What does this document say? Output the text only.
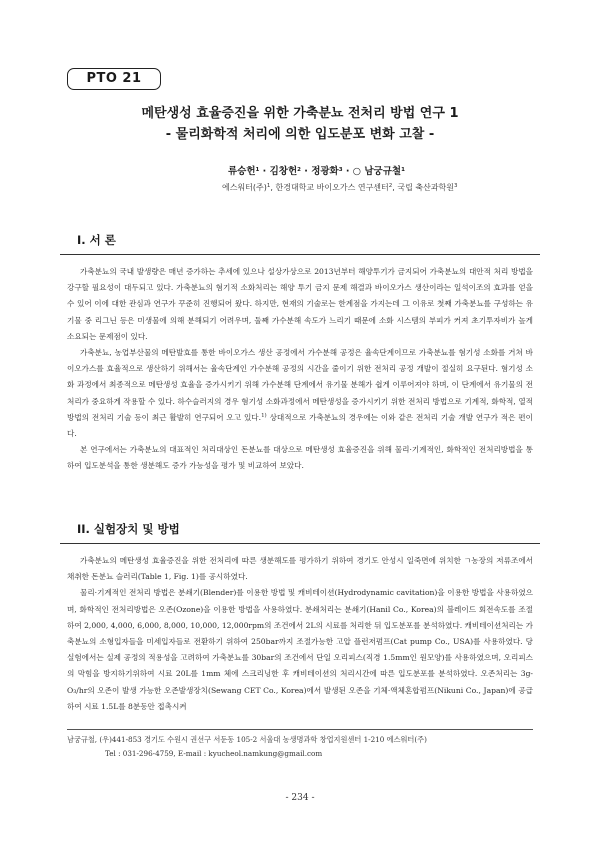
PTO 21
메탄생성 효율증진을 위한 가축분뇨 전처리 방법 연구 1
- 물리화학적 처리에 의한 입도분포 변화 고찰 -
류승헌$^1$ · 김창헌$^2$ · 정광화$^3$ · ○ 남궁규철$^1$
에스워터(주)$^1$, 한경대학교 바이오가스 연구센터$^2$, 국립 축산과학원$^3$
I. 서 론

가축분뇨의 국내 발생량은 매년 증가하는 추세에 있으나 설상가상으로 2013년부터 해양투기가 금지되어 가축분뇨의 대안적 처리 방법을 강구할 필요성이 대두되고 있다. 가축분뇨의 혐기적 소화처리는 해양 투기 금지 문제 해결과 바이오가스 생산이라는 일석이조의 효과를 얻을 수 있어 이에 대한 관심과 연구가 꾸준히 진행되어 왔다. 하지만, 현재의 기술로는 한계점을 가지는데 그 이유로 첫째 가축분뇨를 구성하는 유기물 중 리그닌 등은 미생물에 의해 분해되기 어려우며, 둘째 가수분해 속도가 느리기 때문에 소화 시스템의 부피가 커져 초기투자비가 높게 소요되는 문제점이 있다.

가축분뇨, 농업부산물의 메탄발효를 통한 바이오가스 생산 공정에서 가수분해 공정은 율속단계이므로 가축분뇨를 혐기성 소화를 거쳐 바이오가스를 효율적으로 생산하기 위해서는 율속단계인 가수분해 공정의 시간을 줄이기 위한 전처리 공정 개발이 절실히 요구된다. 혐기성 소화 과정에서 최종적으로 메탄생성 효율을 증가시키기 위해 가수분해 단계에서 유기물 분해가 쉽게 이루어져야 하며, 이 단계에서 유기물의 전처리가 중요하게 작용할 수 있다. 하수슬러지의 경우 혐기성 소화과정에서 메탄생성을 증가시키기 위한 전처리 방법으로 기계적, 화학적, 열적 방법의 전처리 기술 등이 최근 활발히 연구되어 오고 있다.$^{1)}$ 상대적으로 가축분뇨의 경우에는 이와 같은 전처리 기술 개발 연구가 적은 편이다.

본 연구에서는 가축분뇨의 대표적인 처리대상인 돈분뇨를 대상으로 메탄생성 효율증진을 위해 물리·기계적인, 화학적인 전처리방법을 통하여 입도분석을 통한 생분해도 증가 가능성을 평가 및 비교하여 보았다.

II. 실험장치 및 방법

가축분뇨의 메탄생성 효율증진을 위한 전처리에 따른 생분해도를 평가하기 위하여 경기도 안성시 일죽면에 위치한 ㄱ농장의 저류조에서 채취한 돈분뇨 슬러리(Table 1, Fig. 1)를 공시하였다.

물리·기계적인 전처리 방법은 분쇄기(Blender)를 이용한 방법 및 캐비테이션(Hydrodynamic cavitation)을 이용한 방법을 사용하였으며, 화학적인 전처리방법은 오존(Ozone)을 이용한 방법을 사용하였다. 분쇄처리는 분쇄기(Hanil Co., Korea)의 블레이드 회전속도를 조절하여 2,000, 4,000, 6,000, 8,000, 10,000, 12,000rpm의 조건에서 2L의 시료를 처리한 뒤 입도분포를 분석하였다. 캐비테이션처리는 가축분뇨의 소형입자들을 미세입자들로 전환하기 위하여 250bar까지 조절가능한 고압 플런저펌프(Cat pump Co., USA)를 사용하였다. 당 실험에서는 실제 공정의 적용성을 고려하여 가축분뇨를 30bar의 조건에서 단일 오리피스(직경 1.5mm인 원모양)를 사용하였으며, 오리피스의 막힘을 방지하기위하여 시료 20L를 1mm 체에 스크리닝한 후 캐비테이션의 처리시간에 따른 입도분포를 분석하였다. 오존처리는 3g-O₃/hr의 오존이 발생 가능한 오존발생장치(Sewang CET Co., Korea)에서 발생된 오존을 기체·액체혼합펌프(Nikuni Co., Japan)에 공급하여 시료 1.5L를 8분동안 접촉시켜

남궁규철, (우)441-853 경기도 수원시 권선구 서둔동 105-2 서울대 농생명과학 창업지원센터 1-210 에스워터(주)
Tel : 031-296-4759, E-mail : kyucheol.namkung@gmail.com
- 234 -
